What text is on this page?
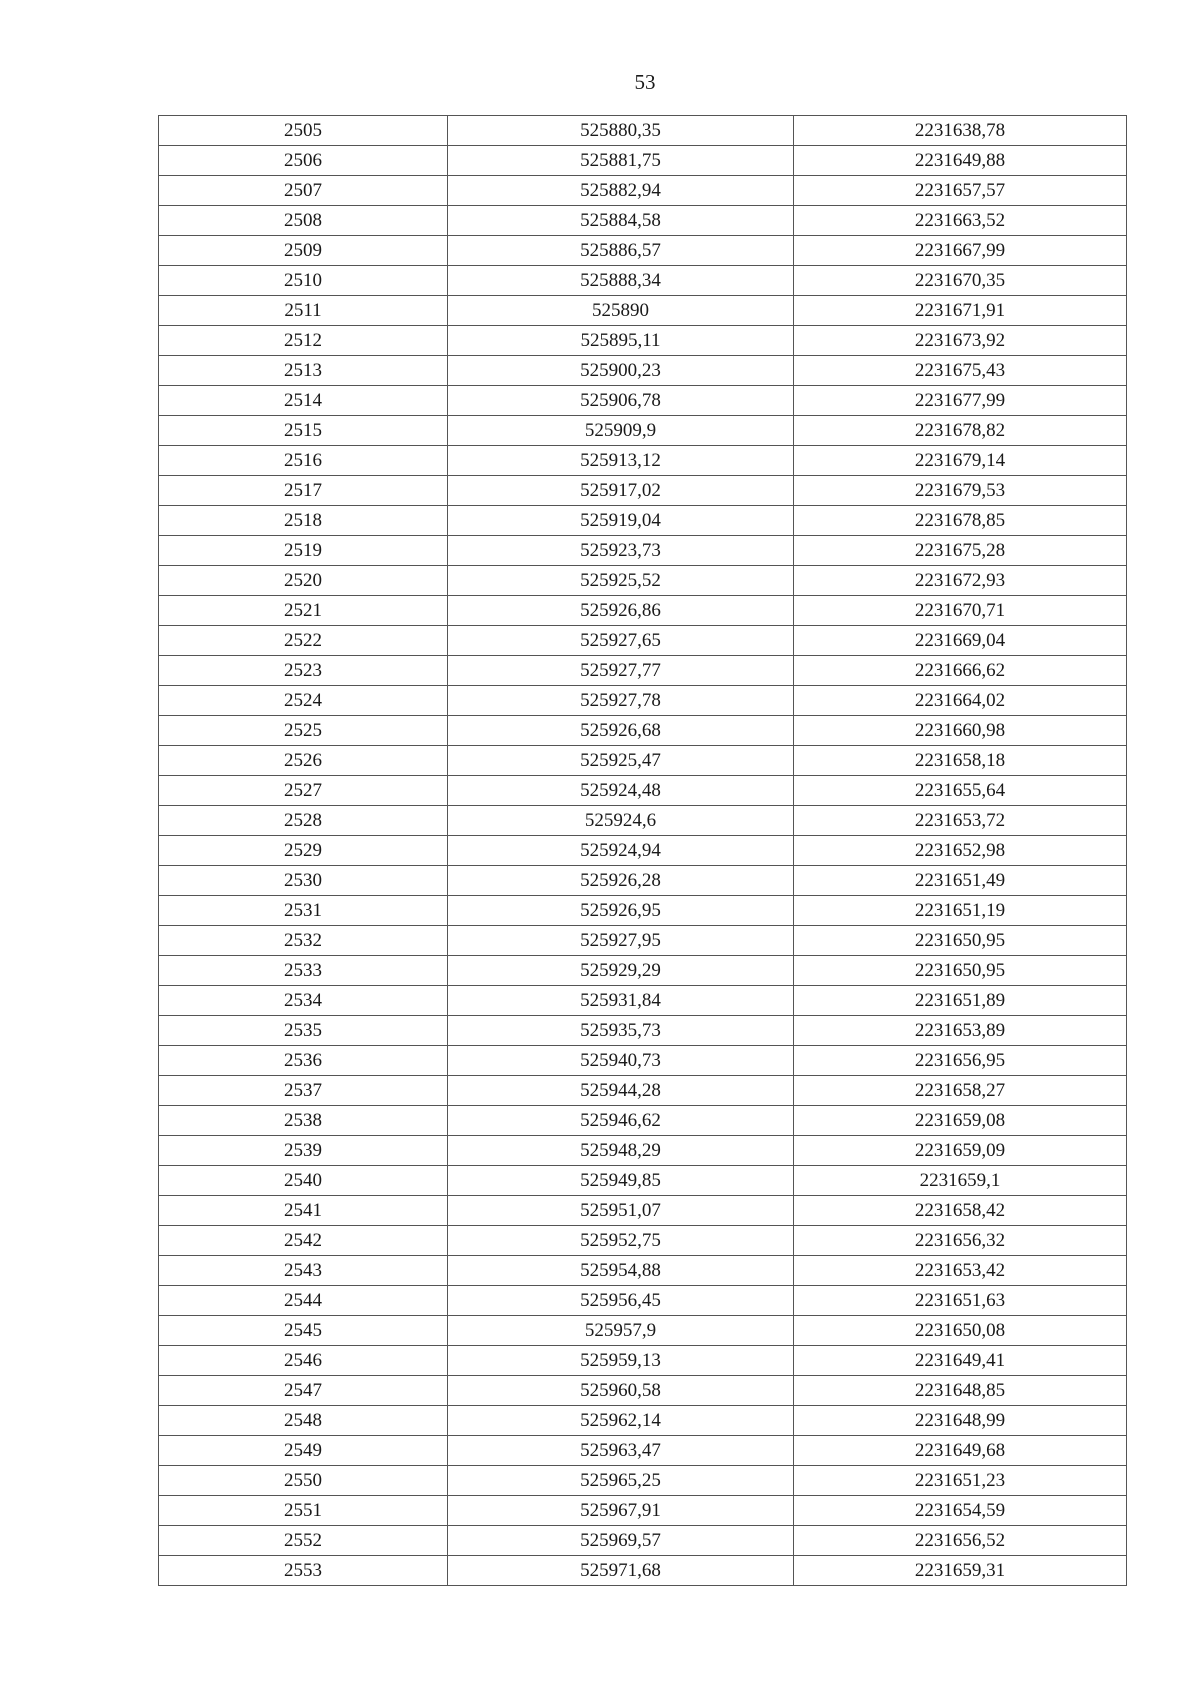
53
2505	525880,35	2231638,78
2506	525881,75	2231649,88
2507	525882,94	2231657,57
2508	525884,58	2231663,52
2509	525886,57	2231667,99
2510	525888,34	2231670,35
2511	525890	2231671,91
2512	525895,11	2231673,92
2513	525900,23	2231675,43
2514	525906,78	2231677,99
2515	525909,9	2231678,82
2516	525913,12	2231679,14
2517	525917,02	2231679,53
2518	525919,04	2231678,85
2519	525923,73	2231675,28
2520	525925,52	2231672,93
2521	525926,86	2231670,71
2522	525927,65	2231669,04
2523	525927,77	2231666,62
2524	525927,78	2231664,02
2525	525926,68	2231660,98
2526	525925,47	2231658,18
2527	525924,48	2231655,64
2528	525924,6	2231653,72
2529	525924,94	2231652,98
2530	525926,28	2231651,49
2531	525926,95	2231651,19
2532	525927,95	2231650,95
2533	525929,29	2231650,95
2534	525931,84	2231651,89
2535	525935,73	2231653,89
2536	525940,73	2231656,95
2537	525944,28	2231658,27
2538	525946,62	2231659,08
2539	525948,29	2231659,09
2540	525949,85	2231659,1
2541	525951,07	2231658,42
2542	525952,75	2231656,32
2543	525954,88	2231653,42
2544	525956,45	2231651,63
2545	525957,9	2231650,08
2546	525959,13	2231649,41
2547	525960,58	2231648,85
2548	525962,14	2231648,99
2549	525963,47	2231649,68
2550	525965,25	2231651,23
2551	525967,91	2231654,59
2552	525969,57	2231656,52
2553	525971,68	2231659,31
